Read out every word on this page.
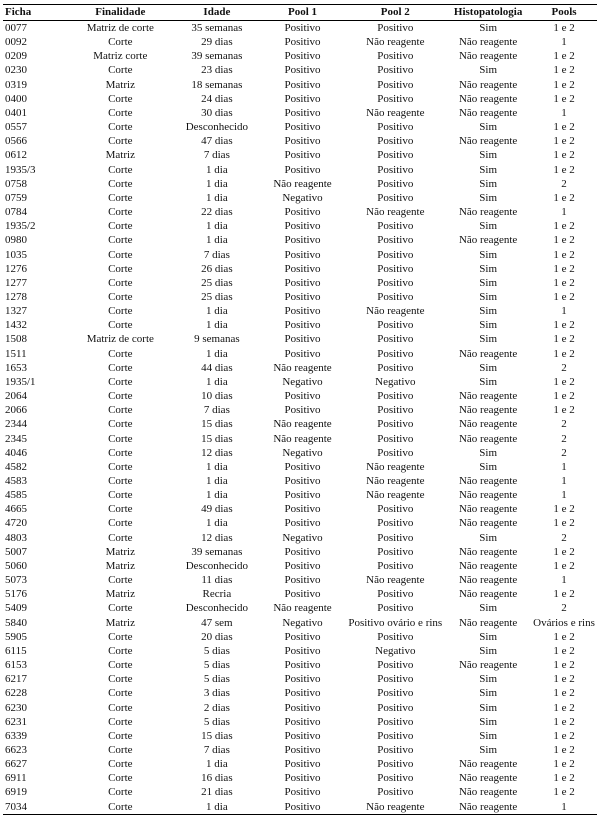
Ficha	Finalidade	Idade	Pool 1	Pool 2	Histopatologia	Pools
0077	Matriz de corte	35 semanas	Positivo	Positivo	Sim	1 e 2
0092	Corte	29 dias	Positivo	Não reagente	Não reagente	1
0209	Matriz corte	39 semanas	Positivo	Positivo	Não reagente	1 e 2
0230	Corte	23 dias	Positivo	Positivo	Sim	1 e 2
0319	Matriz	18 semanas	Positivo	Positivo	Não reagente	1 e 2
0400	Corte	24 dias	Positivo	Positivo	Não reagente	1 e 2
0401	Corte	30 dias	Positivo	Não reagente	Não reagente	1
0557	Corte	Desconhecido	Positivo	Positivo	Sim	1 e 2
0566	Corte	47 dias	Positivo	Positivo	Não reagente	1 e 2
0612	Matriz	7 dias	Positivo	Positivo	Sim	1 e 2
1935/3	Corte	1 dia	Positivo	Positivo	Sim	1 e 2
0758	Corte	1 dia	Não reagente	Positivo	Sim	2
0759	Corte	1 dia	Negativo	Positivo	Sim	1 e 2
0784	Corte	22 dias	Positivo	Não reagente	Não reagente	1
1935/2	Corte	1 dia	Positivo	Positivo	Sim	1 e 2
0980	Corte	1 dia	Positivo	Positivo	Não reagente	1 e 2
1035	Corte	7 dias	Positivo	Positivo	Sim	1 e 2
1276	Corte	26 dias	Positivo	Positivo	Sim	1 e 2
1277	Corte	25 dias	Positivo	Positivo	Sim	1 e 2
1278	Corte	25 dias	Positivo	Positivo	Sim	1 e 2
1327	Corte	1 dia	Positivo	Não reagente	Sim	1
1432	Corte	1 dia	Positivo	Positivo	Sim	1 e 2
1508	Matriz de corte	9 semanas	Positivo	Positivo	Sim	1 e 2
1511	Corte	1 dia	Positivo	Positivo	Não reagente	1 e 2
1653	Corte	44 dias	Não reagente	Positivo	Sim	2
1935/1	Corte	1 dia	Negativo	Negativo	Sim	1 e 2
2064	Corte	10 dias	Positivo	Positivo	Não reagente	1 e 2
2066	Corte	7 dias	Positivo	Positivo	Não reagente	1 e 2
2344	Corte	15 dias	Não reagente	Positivo	Não reagente	2
2345	Corte	15 dias	Não reagente	Positivo	Não reagente	2
4046	Corte	12 dias	Negativo	Positivo	Sim	2
4582	Corte	1 dia	Positivo	Não reagente	Sim	1
4583	Corte	1 dia	Positivo	Não reagente	Não reagente	1
4585	Corte	1 dia	Positivo	Não reagente	Não reagente	1
4665	Corte	49 dias	Positivo	Positivo	Não reagente	1 e 2
4720	Corte	1 dia	Positivo	Positivo	Não reagente	1 e 2
4803	Corte	12 dias	Negativo	Positivo	Sim	2
5007	Matriz	39 semanas	Positivo	Positivo	Não reagente	1 e 2
5060	Matriz	Desconhecido	Positivo	Positivo	Não reagente	1 e 2
5073	Corte	11 dias	Positivo	Não reagente	Não reagente	1
5176	Matriz	Recria	Positivo	Positivo	Não reagente	1 e 2
5409	Corte	Desconhecido	Não reagente	Positivo	Sim	2
5840	Matriz	47 sem	Negativo	Positivo ovário e rins	Não reagente	Ovários e rins
5905	Corte	20 dias	Positivo	Positivo	Sim	1 e 2
6115	Corte	5 dias	Positivo	Negativo	Sim	1 e 2
6153	Corte	5 dias	Positivo	Positivo	Não reagente	1 e 2
6217	Corte	5 dias	Positivo	Positivo	Sim	1 e 2
6228	Corte	3 dias	Positivo	Positivo	Sim	1 e 2
6230	Corte	2 dias	Positivo	Positivo	Sim	1 e 2
6231	Corte	5 dias	Positivo	Positivo	Sim	1 e 2
6339	Corte	15 dias	Positivo	Positivo	Sim	1 e 2
6623	Corte	7 dias	Positivo	Positivo	Sim	1 e 2
6627	Corte	1 dia	Positivo	Positivo	Não reagente	1 e 2
6911	Corte	16 dias	Positivo	Positivo	Não reagente	1 e 2
6919	Corte	21 dias	Positivo	Positivo	Não reagente	1 e 2
7034	Corte	1 dia	Positivo	Não reagente	Não reagente	1
